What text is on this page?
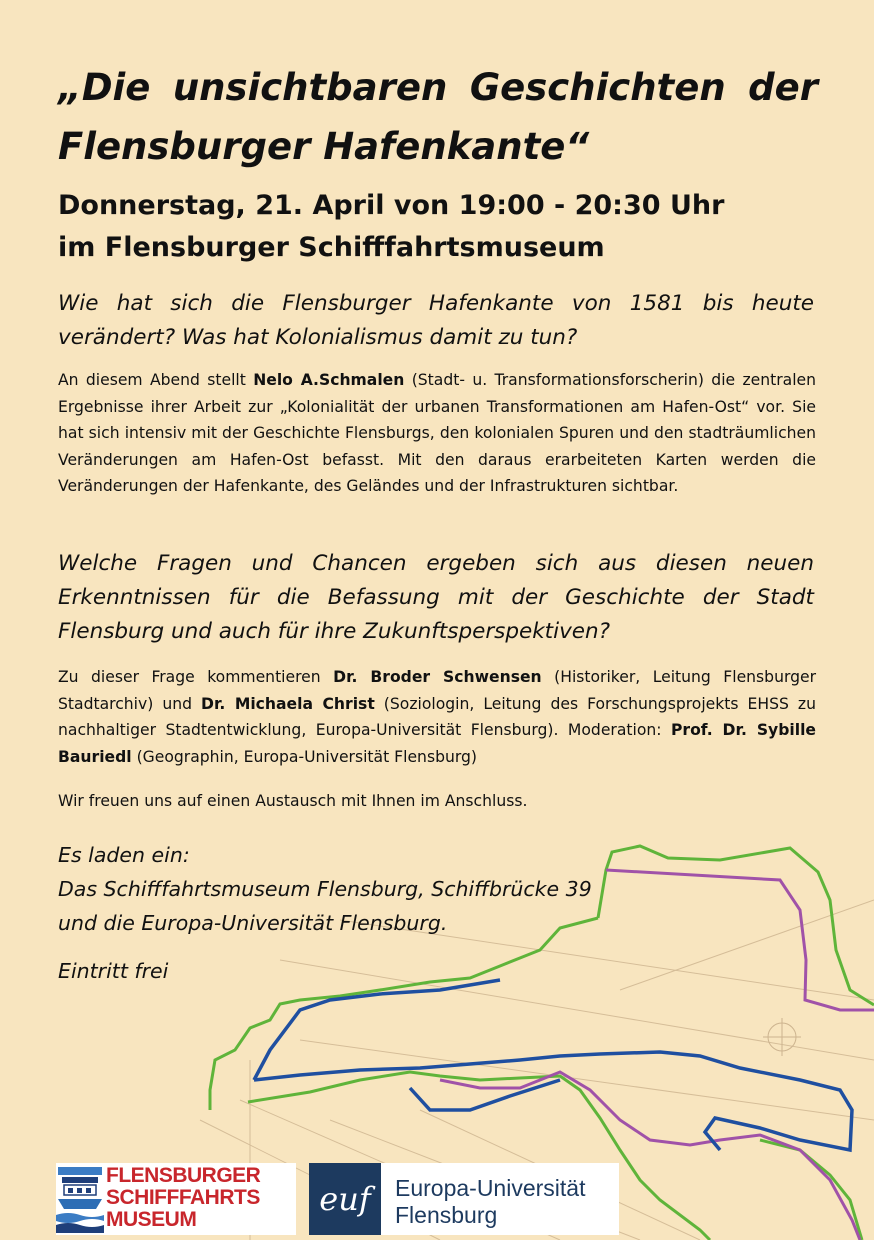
„Die unsichtbaren Geschichten der
Flensburger Hafenkante“
Donnerstag, 21. April von 19:00 - 20:30 Uhr
im Flensburger Schifffahrtsmuseum

Wie hat sich die Flensburger Hafenkante von 1581 bis heute verändert? Was hat Kolonialismus damit zu tun?

An diesem Abend stellt Nelo A.Schmalen (Stadt- u. Transformationsforscherin) die zentralen Ergebnisse ihrer Arbeit zur „Kolonialität der urbanen Transformationen am Hafen-Ost“ vor. Sie hat sich intensiv mit der Geschichte Flensburgs, den kolonialen Spuren und den stadträumlichen Veränderungen am Hafen-Ost befasst. Mit den daraus erarbeiteten Karten werden die Veränderungen der Hafenkante, des Geländes und der Infrastrukturen sichtbar.

Welche Fragen und Chancen ergeben sich aus diesen neuen Erkenntnissen für die Befassung mit der Geschichte der Stadt Flensburg und auch für ihre Zukunftsperspektiven?

Zu dieser Frage kommentieren Dr. Broder Schwensen (Historiker, Leitung Flensburger Stadtarchiv) und Dr. Michaela Christ (Soziologin, Leitung des Forschungsprojekts EHSS zu nachhaltiger Stadtentwicklung, Europa-Universität Flensburg). Moderation: Prof. Dr. Sybille Bauriedl (Geographin, Europa-Universität Flensburg)

Wir freuen uns auf einen Austausch mit Ihnen im Anschluss.

Es laden ein:
Das Schifffahrtsmuseum Flensburg, Schiffbrücke 39
und die Europa-Universität Flensburg.

Eintritt frei

FLENSBURGER
SCHIFFFAHRTS
MUSEUM
euf	Europa-Universität
Flensburg
